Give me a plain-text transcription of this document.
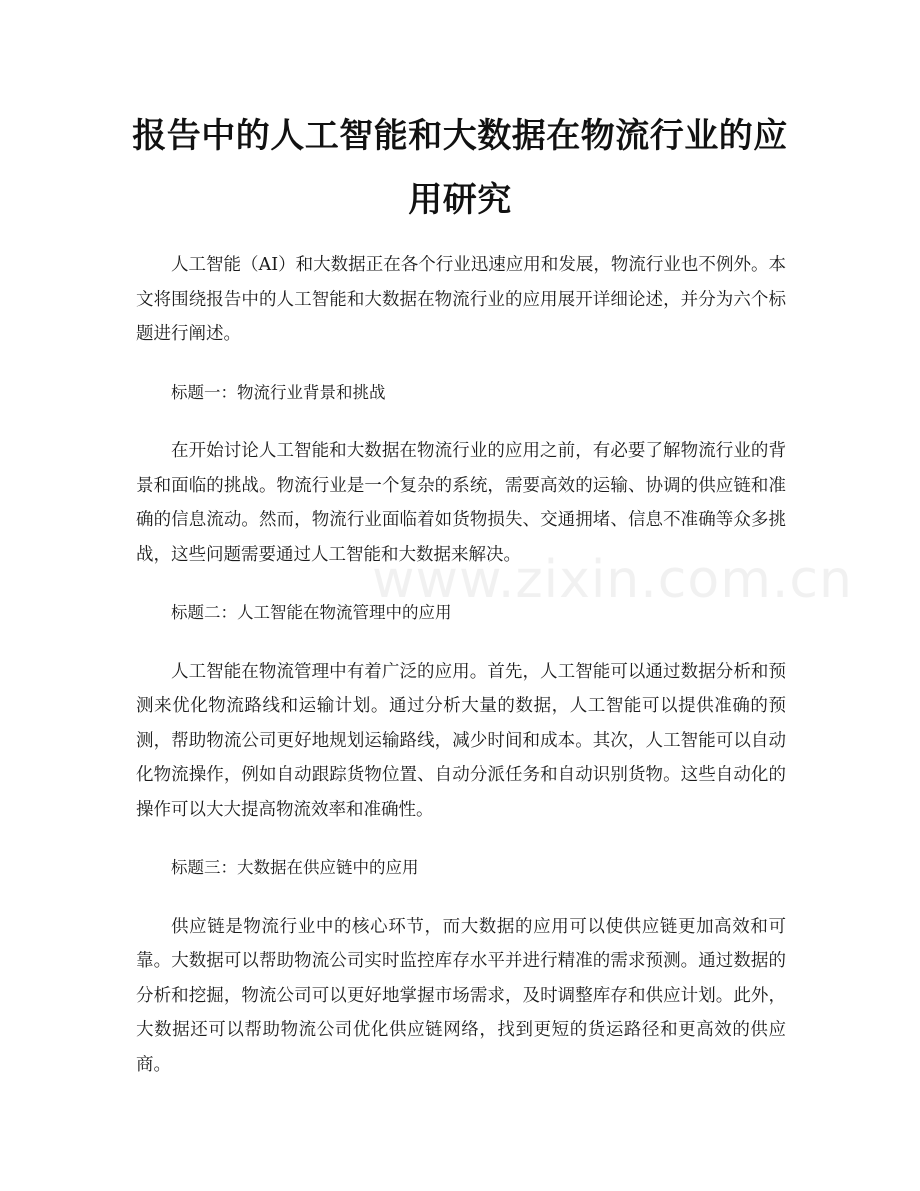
报告中的人工智能和大数据在物流行业的应用研究

人工智能（AI）和大数据正在各个行业迅速应用和发展，物流行业也不例外。本文将围绕报告中的人工智能和大数据在物流行业的应用展开详细论述，并分为六个标题进行阐述。

标题一：物流行业背景和挑战

在开始讨论人工智能和大数据在物流行业的应用之前，有必要了解物流行业的背景和面临的挑战。物流行业是一个复杂的系统，需要高效的运输、协调的供应链和准确的信息流动。然而，物流行业面临着如货物损失、交通拥堵、信息不准确等众多挑战，这些问题需要通过人工智能和大数据来解决。

标题二：人工智能在物流管理中的应用

人工智能在物流管理中有着广泛的应用。首先，人工智能可以通过数据分析和预测来优化物流路线和运输计划。通过分析大量的数据，人工智能可以提供准确的预测，帮助物流公司更好地规划运输路线，减少时间和成本。其次，人工智能可以自动化物流操作，例如自动跟踪货物位置、自动分派任务和自动识别货物。这些自动化的操作可以大大提高物流效率和准确性。

标题三：大数据在供应链中的应用

供应链是物流行业中的核心环节，而大数据的应用可以使供应链更加高效和可靠。大数据可以帮助物流公司实时监控库存水平并进行精准的需求预测。通过数据的分析和挖掘，物流公司可以更好地掌握市场需求，及时调整库存和供应计划。此外，大数据还可以帮助物流公司优化供应链网络，找到更短的货运路径和更高效的供应商。

www.zixin.com.cn
